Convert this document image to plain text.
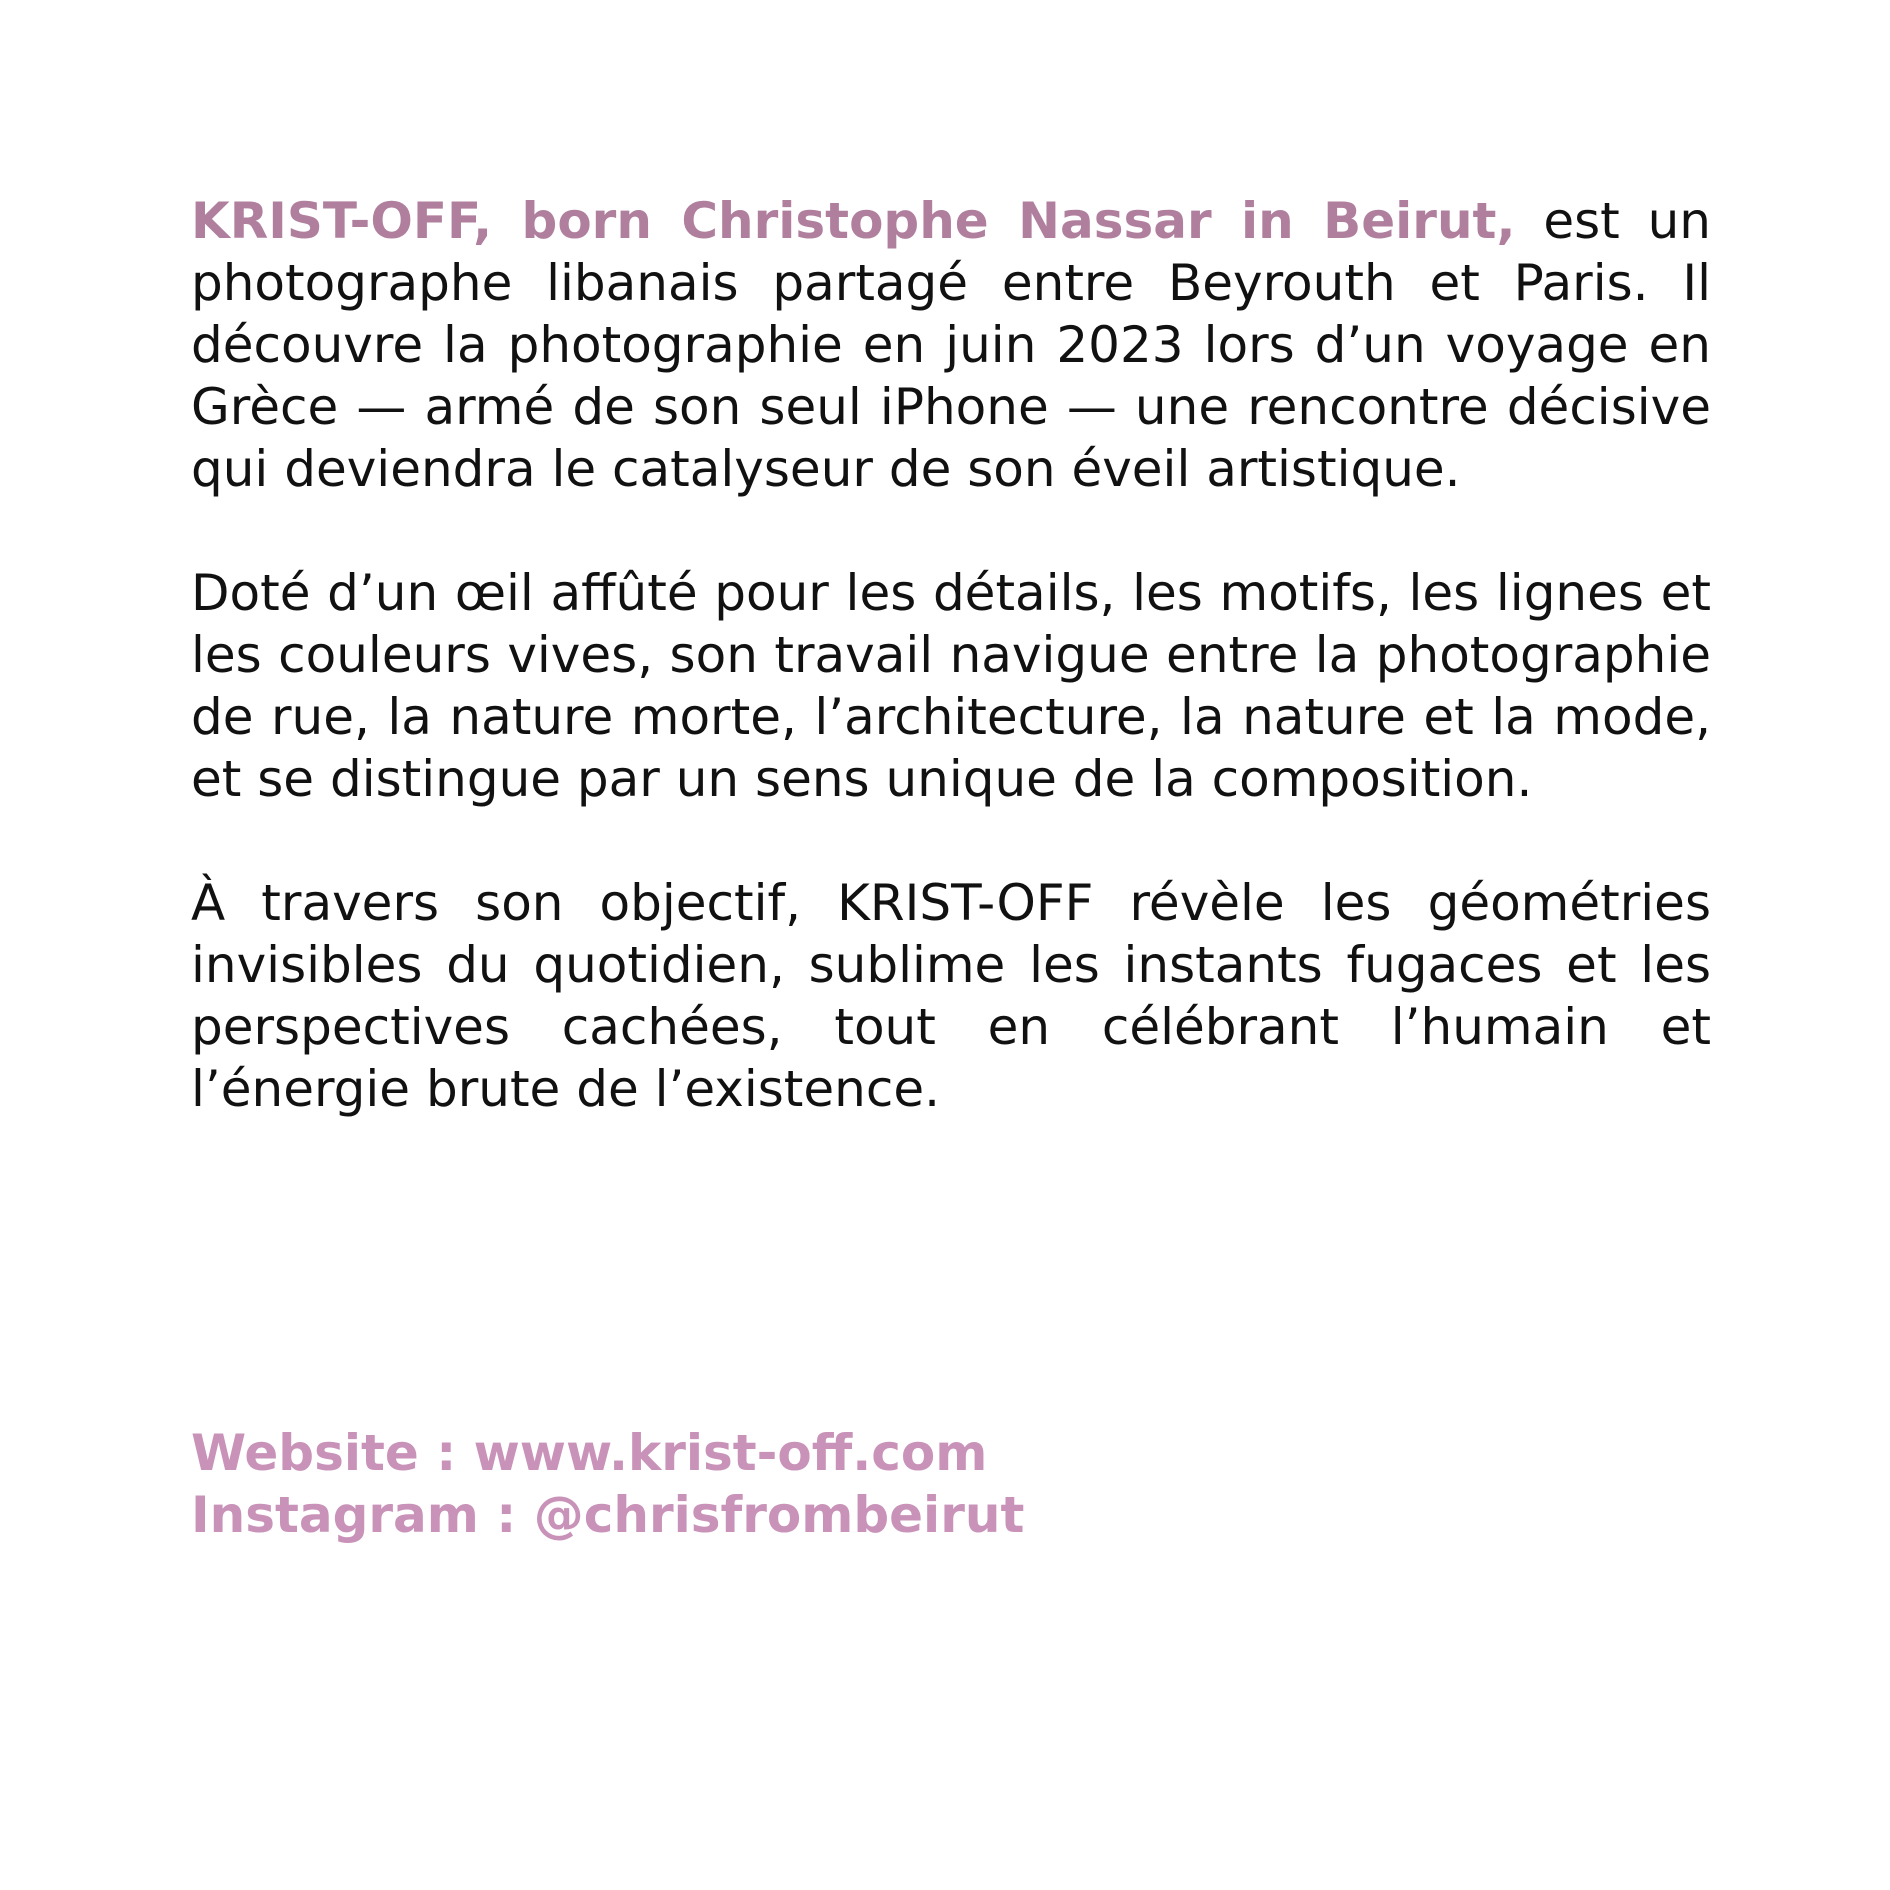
KRIST-OFF, born Christophe Nassar in Beirut, est un photographe libanais partagé entre Beyrouth et Paris. Il découvre la photographie en juin 2023 lors d’un voyage en Grèce — armé de son seul iPhone — une rencontre décisive qui deviendra le catalyseur de son éveil artistique.

Doté d’un œil affûté pour les détails, les motifs, les lignes et les couleurs vives, son travail navigue entre la photographie de rue, la nature morte, l’architecture, la nature et la mode, et se distingue par un sens unique de la composition.

À travers son objectif, KRIST-OFF révèle les géométries invisibles du quotidien, sublime les instants fugaces et les perspectives cachées, tout en célébrant l’humain et l’énergie brute de l’existence.

Website : www.krist-off.com
Instagram : @chrisfrombeirut
